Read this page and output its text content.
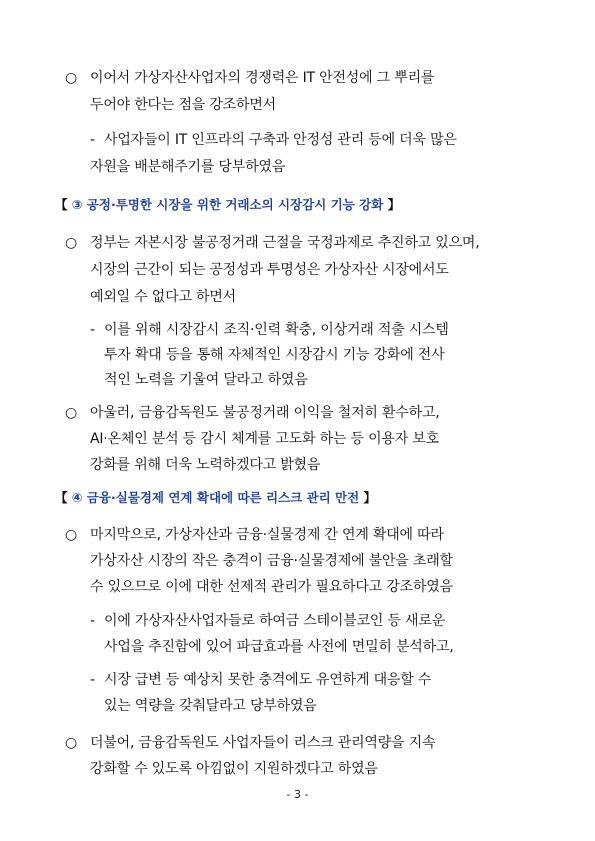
○ 이어서 가상자산사업자의 경쟁력은 IT 안전성에 그 뿌리를
두어야 한다는 점을 강조하면서
- 사업자들이 IT 인프라의 구축과 안정성 관리 등에 더욱 많은
자원을 배분해주기를 당부하였음
【 ③ 공정·투명한 시장을 위한 거래소의 시장감시 기능 강화 】
○ 정부는 자본시장 불공정거래 근절을 국정과제로 추진하고 있으며,
시장의 근간이 되는 공정성과 투명성은 가상자산 시장에서도
예외일 수 없다고 하면서
- 이를 위해 시장감시 조직·인력 확충, 이상거래 적출 시스템
투자 확대 등을 통해 자체적인 시장감시 기능 강화에 전사
적인 노력을 기울여 달라고 하였음
○ 아울러, 금융감독원도 불공정거래 이익을 철저히 환수하고,
AI·온체인 분석 등 감시 체계를 고도화 하는 등 이용자 보호
강화를 위해 더욱 노력하겠다고 밝혔음
【 ④ 금융·실물경제 연계 확대에 따른 리스크 관리 만전 】
○ 마지막으로, 가상자산과 금융·실물경제 간 연계 확대에 따라
가상자산 시장의 작은 충격이 금융·실물경제에 불안을 초래할
수 있으므로 이에 대한 선제적 관리가 필요하다고 강조하였음
- 이에 가상자산사업자들로 하여금 스테이블코인 등 새로운
사업을 추진함에 있어 파급효과를 사전에 면밀히 분석하고,
- 시장 급변 등 예상치 못한 충격에도 유연하게 대응할 수
있는 역량을 갖춰달라고 당부하였음
○ 더불어, 금융감독원도 사업자들이 리스크 관리역량을 지속
강화할 수 있도록 아낌없이 지원하겠다고 하였음
- 3 -
